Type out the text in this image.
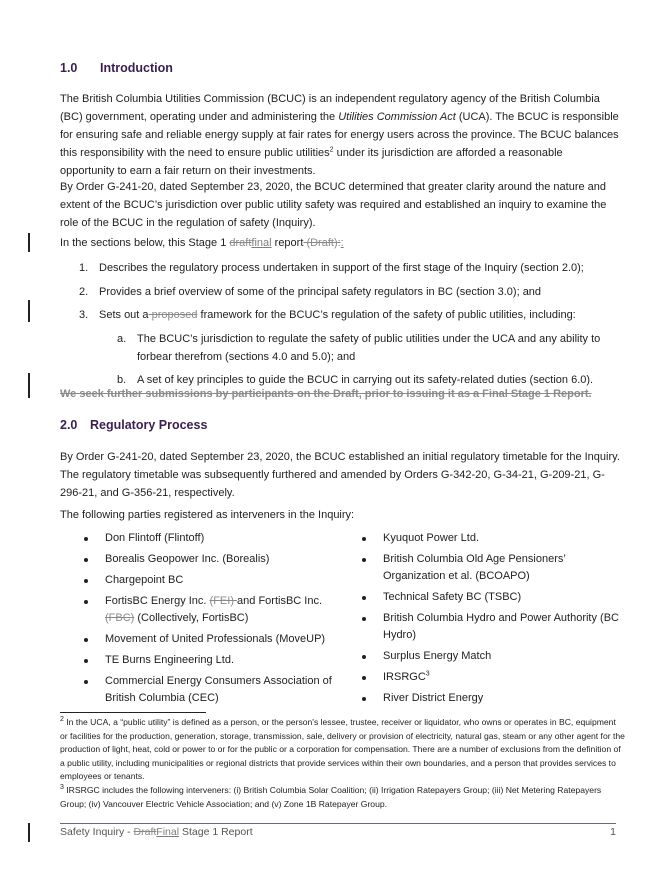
1.0 Introduction
The British Columbia Utilities Commission (BCUC) is an independent regulatory agency of the British Columbia (BC) government, operating under and administering the Utilities Commission Act (UCA). The BCUC is responsible for ensuring safe and reliable energy supply at fair rates for energy users across the province. The BCUC balances this responsibility with the need to ensure public utilities$^2$ under its jurisdiction are afforded a reasonable opportunity to earn a fair return on their investments.
By Order G-241-20, dated September 23, 2020, the BCUC determined that greater clarity around the nature and extent of the BCUC’s jurisdiction over public utility safety was required and established an inquiry to examine the role of the BCUC in the regulation of safety (Inquiry).
In the sections below, this Stage 1 draftfinal report (Draft)::
1. Describes the regulatory process undertaken in support of the first stage of the Inquiry (section 2.0);
2. Provides a brief overview of some of the principal safety regulators in BC (section 3.0); and
3. Sets out a proposed framework for the BCUC’s regulation of the safety of public utilities, including:
a. The BCUC’s jurisdiction to regulate the safety of public utilities under the UCA and any ability to forbear therefrom (sections 4.0 and 5.0); and
b. A set of key principles to guide the BCUC in carrying out its safety-related duties (section 6.0).
We seek further submissions by participants on the Draft, prior to issuing it as a Final Stage 1 Report.
2.0 Regulatory Process
By Order G-241-20, dated September 23, 2020, the BCUC established an initial regulatory timetable for the Inquiry. The regulatory timetable was subsequently furthered and amended by Orders G-342-20, G-34-21, G-209-21, G-296-21, and G-356-21, respectively.
The following parties registered as interveners in the Inquiry:
Don Flintoff (Flintoff)
Borealis Geopower Inc. (Borealis)
Chargepoint BC
FortisBC Energy Inc. (FEI) and FortisBC Inc. (FBC) (Collectively, FortisBC)
Movement of United Professionals (MoveUP)
TE Burns Engineering Ltd.
Commercial Energy Consumers Association of British Columbia (CEC)
Kyuquot Power Ltd.
British Columbia Old Age Pensioners’ Organization et al. (BCOAPO)
Technical Safety BC (TSBC)
British Columbia Hydro and Power Authority (BC Hydro)
Surplus Energy Match
IRSRGC$^3$
River District Energy
$^2$ In the UCA, a “public utility” is defined as a person, or the person's lessee, trustee, receiver or liquidator, who owns or operates in BC, equipment or facilities for the production, generation, storage, transmission, sale, delivery or provision of electricity, natural gas, steam or any other agent for the production of light, heat, cold or power to or for the public or a corporation for compensation. There are a number of exclusions from the definition of a public utility, including municipalities or regional districts that provide services within their own boundaries, and a person that provides services to employees or tenants.
$^3$ IRSRGC includes the following interveners: (i) British Columbia Solar Coalition; (ii) Irrigation Ratepayers Group; (iii) Net Metering Ratepayers Group; (iv) Vancouver Electric Vehicle Association; and (v) Zone 1B Ratepayer Group.
Safety Inquiry - DraftFinal Stage 1 Report	1
